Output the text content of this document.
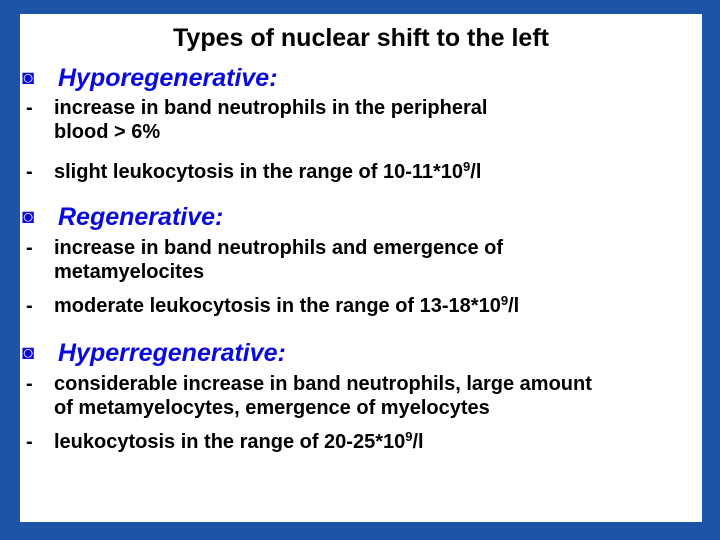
Types of nuclear shift to the left
◙ Hyporegenerative:
- increase in band neutrophils in the peripheral
blood > 6%
- slight leukocytosis in the range of $10-11*10^9/l$
◙ Regenerative:
- increase in band neutrophils and emergence of
metamyelocites
- moderate leukocytosis in the range of $13-18*10^9/l$
◙ Hyperregenerative:
- considerable increase in band neutrophils, large amount
of metamyelocytes, emergence of myelocytes
- leukocytosis in the range of $20-25*10^9/l$
